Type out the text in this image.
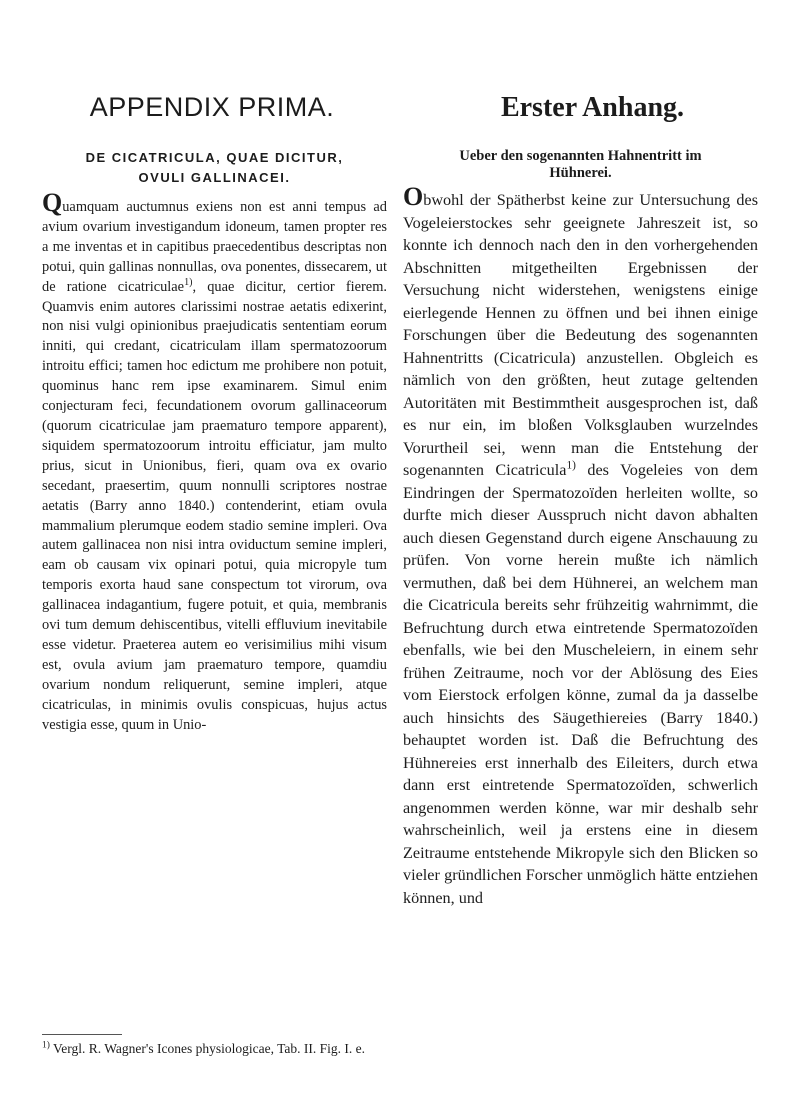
APPENDIX PRIMA.	Erster Anhang.
DE CICATRICULA, QUAE DICITUR,
OVULI GALLINACEI.

Quamquam auctumnus exiens non est anni tempus ad avium ovarium investigandum idoneum, tamen propter res a me inventas et in capitibus praecedentibus descriptas non potui, quin gallinas nonnullas, ova ponentes, dissecarem, ut de ratione cicatriculae$^{1)}$, quae dicitur, certior fierem. Quamvis enim autores clarissimi nostrae aetatis edixerint, non nisi vulgi opinionibus praejudicatis sententiam eorum inniti, qui credant, cicatriculam illam spermatozoorum introitu effici; tamen hoc edictum me prohibere non potuit, quominus hanc rem ipse examinarem. Simul enim conjecturam feci, fecundationem ovorum gallinaceorum (quorum cicatriculae jam praematuro tempore apparent), siquidem spermatozoorum introitu efficiatur, jam multo prius, sicut in Unionibus, fieri, quam ova ex ovario secedant, praesertim, quum nonnulli scriptores nostrae aetatis (Barry anno 1840.) contenderint, etiam ovula mammalium plerumque eodem stadio semine impleri. Ova autem gallinacea non nisi intra oviductum semine impleri, eam ob causam vix opinari potui, quia micropyle tum temporis exorta haud sane conspectum tot virorum, ova gallinacea indagantium, fugere potuit, et quia, membranis ovi tum demum dehiscentibus, vitelli effluvium inevitabile esse videtur. Praeterea autem eo verisimilius mihi visum est, ovula avium jam praematuro tempore, quamdiu ovarium nondum reliquerunt, semine impleri, atque cicatriculas, in minimis ovulis conspicuas, hujus actus vestigia esse, quum in Unio-

Ueber den sogenannten Hahnentritt im
Hühnerei.

Obwohl der Spätherbst keine zur Untersuchung des Vogeleierstockes sehr geeignete Jahreszeit ist, so konnte ich dennoch nach den in den vorhergehenden Abschnitten mitgetheilten Ergebnissen der Versuchung nicht widerstehen, wenigstens einige eierlegende Hennen zu öffnen und bei ihnen einige Forschungen über die Bedeutung des sogenannten Hahnentritts (Cicatricula) anzustellen. Obgleich es nämlich von den größten, heut zutage geltenden Autoritäten mit Bestimmtheit ausgesprochen ist, daß es nur ein, im bloßen Volksglauben wurzelndes Vorurtheil sei, wenn man die Entstehung der sogenannten Cicatricula$^{1)}$ des Vogeleies von dem Eindringen der Spermatozoïden herleiten wollte, so durfte mich dieser Ausspruch nicht davon abhalten auch diesen Gegenstand durch eigene Anschauung zu prüfen. Von vorne herein mußte ich nämlich vermuthen, daß bei dem Hühnerei, an welchem man die Cicatricula bereits sehr frühzeitig wahrnimmt, die Befruchtung durch etwa eintretende Spermatozoïden ebenfalls, wie bei den Muscheleiern, in einem sehr frühen Zeitraume, noch vor der Ablösung des Eies vom Eierstock erfolgen könne, zumal da ja dasselbe auch hinsichts des Säugethiereies (Barry 1840.) behauptet worden ist. Daß die Befruchtung des Hühnereies erst innerhalb des Eileiters, durch etwa dann erst eintretende Spermatozoïden, schwerlich angenommen werden könne, war mir deshalb sehr wahrscheinlich, weil ja erstens eine in diesem Zeitraume entstehende Mikropyle sich den Blicken so vieler gründlichen Forscher unmöglich hätte entziehen können, und

$^{1)}$ Vergl. R. Wagner's Icones physiologicae, Tab. II. Fig. I. e.
